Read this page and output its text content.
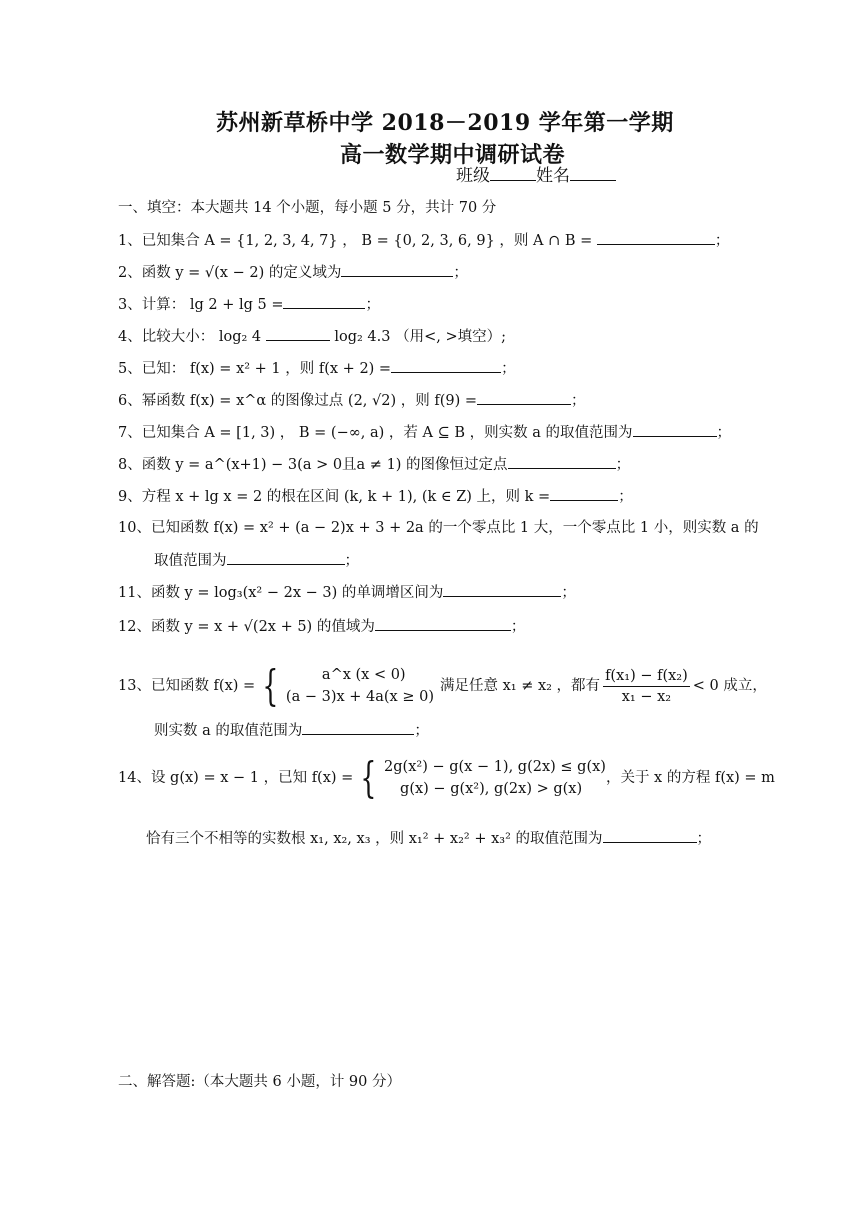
苏州新草桥中学 2018－2019 学年第一学期
高一数学期中调研试卷
班级	姓名
一、填空：本大题共 14 个小题，每小题 5 分，共计 70 分
1、已知集合 A = {1, 2, 3, 4, 7} ， B = {0, 2, 3, 6, 9} ，则 A ∩ B =	；
2、函数 y = √(x − 2) 的定义域为	；
3、计算： lg 2 + lg 5 =	；
4、比较大小： log₂ 4	log₂ 4.3 （用<, >填空）;
5、已知： f(x) = x² + 1 ，则 f(x + 2) =	；
6、幂函数 f(x) = x^α 的图像过点 (2, √2) ，则 f(9) =	；
7、已知集合 A = [1, 3) ， B = (−∞, a) ，若 A ⊆ B ，则实数 a 的取值范围为	；
8、函数 y = a^(x+1) − 3(a > 0且a ≠ 1) 的图像恒过定点	；
9、方程 x + lg x = 2 的根在区间 (k, k + 1), (k ∈ Z) 上，则 k =	；
10、已知函数 f(x) = x² + (a − 2)x + 3 + 2a 的一个零点比 1 大，一个零点比 1 小，则实数 a 的
取值范围为	；
11、函数 y = log₃(x² − 2x − 3) 的单调增区间为	；
12、函数 y = x + √(2x + 5) 的值域为	；
13、 已知函数 f(x) = {	a^x (x < 0)
(a − 3)x + 4a(x ≥ 0)
满足任意 x₁ ≠ x₂ ，都有 $\frac{\text{f(x₁) − f(x₂)}}{\text{x₁ − x₂}} < 0$ 成立，
则实数 a 的取值范围为	；
14、 设 g(x) = x − 1 ，已知 f(x) = { 2g(x²) − g(x − 1), g(2x) ≤ g(x)
g(x) − g(x²), g(2x) > g(x)
，关于 x 的方程 f(x) = m
恰有三个不相等的实数根 x₁, x₂, x₃ ，则 x₁² + x₂² + x₃² 的取值范围为	；
二、解答题:（本大题共 6 小题，计 90 分）
